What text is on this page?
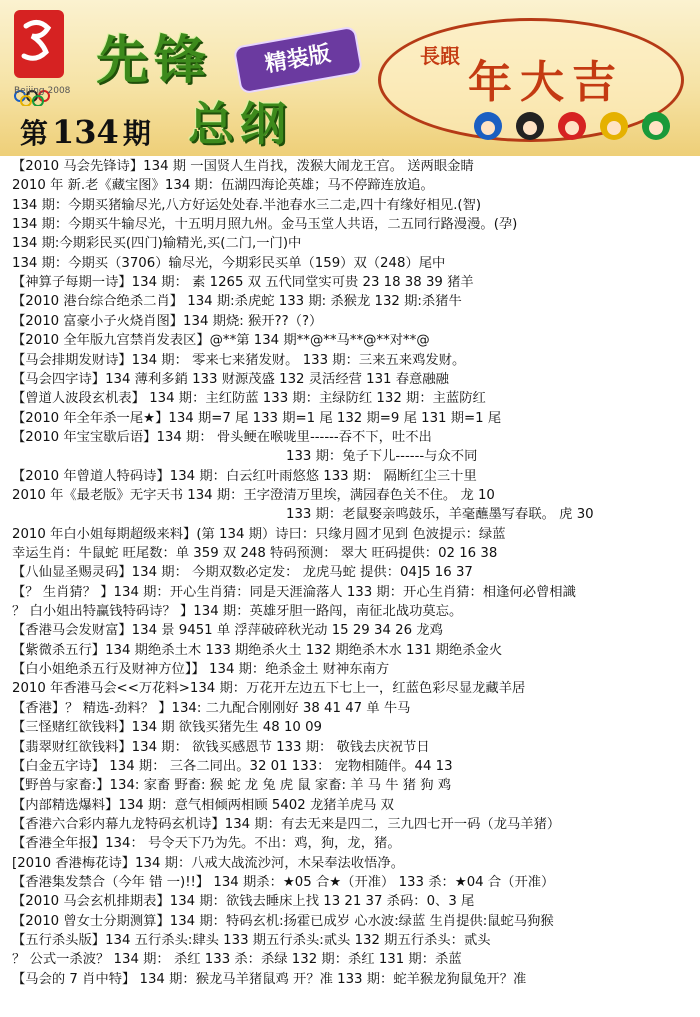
Beijing 2008 先锋	精装版
总纲
第 134 期
長跟
年大吉
【2010 马会先锋诗】134 期 一国贤人生肖找，泼猴大闹龙王宫。 送两眼金睛
2010 年 新.老《藏宝图》134 期：伍湖四海论英雄；马不停蹄连放追。
134 期：今期买猪输尽光,八方好运处处春.半池春水三二走,四十有缘好相见.(智)
134 期：今期买牛输尽光，十五明月照九州。金马玉堂人共语，二五同行路漫漫。(孕)
134 期:今期彩民买(四门)输精光,买(二门,一门)中
134 期：今期买（3706）输尽光，今期彩民买单（159）双（248）尾中
【神算子每期一诗】134 期： 素 1265 双 五代同堂实可贵 23 18 38 39 猪羊
【2010 港台综合绝杀二肖】 134 期:杀虎蛇 133 期: 杀猴龙 132 期:杀猪牛
【2010 富豪小子火烧肖图】134 期烧: 猴开??（?）
【2010 全年版九宫禁肖发表区】@**第 134 期**@**马**@**对**@
【马会排期发财诗】134 期： 零来七来猪发财。 133 期：三来五来鸡发财。
【马会四字诗】134 薄利多銷 133 财源茂盛 132 灵活经营 131 春意融融
【曾道人波段玄机表】 134 期：主红防蓝 133 期：主绿防红 132 期：主蓝防红
【2010 年全年杀一尾★】134 期=7 尾 133 期=1 尾 132 期=9 尾 131 期=1 尾
【2010 年宝宝歇后语】134 期： 骨头鲠在喉咙里------吞不下，吐不出
133 期：兔子下儿------与众不同
【2010 年曾道人特码诗】134 期：白云红叶雨悠悠 133 期： 隔断红尘三十里
2010 年《最老版》无字天书 134 期：王字澄清万里埃，满园春色关不住。 龙 10
133 期：老鼠娶亲鸣鼓乐，羊毫蘸墨写春联。 虎 30
2010 年白小姐每期超级来料】(第 134 期）诗曰：只缘月圆才见到 色波提示：绿蓝
幸运生肖：牛鼠蛇 旺尾数：单 359 双 248 特码预测： 翠大 旺码提供：02 16 38
【八仙显圣赐灵码】134 期： 今期双数必定发： 龙虎马蛇 提供：04]5 16 37
【？ 生肖猜？ 】134 期：开心生肖猜：同是天涯淪落人 133 期：开心生肖猜：相逢何必曾相識
？ 白小姐出特赢钱特码诗？ 】134 期：英雄牙胆一路闯，南征北战功莫忘。
【香港马会发财富】134 景 9451 单 浮萍破碎秋光动 15 29 34 26 龙鸡
【紫微杀五行】134 期绝杀土木 133 期绝杀火土 132 期绝杀木水 131 期绝杀金火
【白小姐绝杀五行及财神方位】】 134 期：绝杀金土 财神东南方
2010 年香港马会<<万花料>134 期：万花开左边五下七上一，红蓝色彩尽显龙藏羊居
【香港】？ 精选-劲料？ 】134: 二九配合刚刚好 38 41 47 单 牛马
【三怪赌红欲钱料】134 期 欲钱买猪先生 48 10 09
【翡翠财红欲钱料】134 期： 欲钱买感恩节 133 期： 敬钱去庆祝节日
【白金五字诗】 134 期： 三各二同出。32 01 133： 宠物相随伴。44 13
【野兽与家畜:】134: 家畜 野畜: 猴 蛇 龙 兔 虎 鼠 家畜: 羊 马 牛 猪 狗 鸡
【内部精选爆料】134 期：意气相倾两相顾 5402 龙猪羊虎马 双
【香港六合彩内幕九龙特码玄机诗】134 期：有去无来是四二，三九四七开一码（龙马羊猪）
【香港全年报】134： 号令天下乃为先。不出：鸡，狗，龙，猪。
[2010 香港梅花诗】134 期：八戒大战流沙河，木呆奉法收悟净。
【香港集发禁合（今年 错 一)!!】 134 期杀：★05 合★（开准） 133 杀：★04 合（开准）
【2010 马会玄机排期表】134 期：欲钱去睡床上找 13 21 37 杀码：0、3 尾
【2010 曾女士分期测算】134 期：特码玄机:扬霍已成岁 心水波:绿蓝 生肖提供:鼠蛇马狗猴
【五行杀头版】134 五行杀头:肆头 133 期五行杀头:贰头 132 期五行杀头：贰头
？ 公式一杀波？ 134 期： 杀红 133 杀：杀绿 132 期：杀红 131 期：杀蓝
【马会的 7 肖中特】 134 期：猴龙马羊猪鼠鸡 开？准 133 期：蛇羊猴龙狗鼠兔开？准
